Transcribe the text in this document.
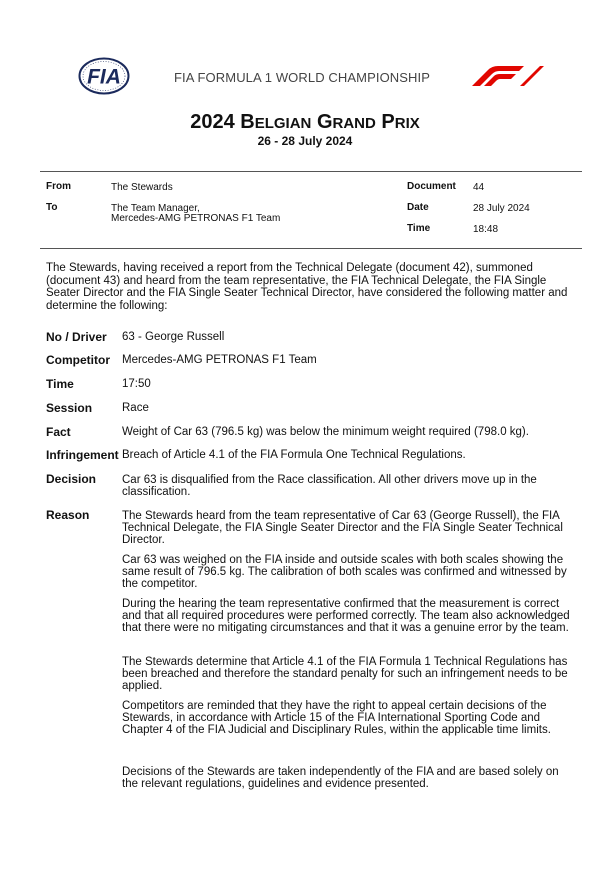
FIA	FIA FORMULA 1 WORLD CHAMPIONSHIP
2024 BELGIAN GRAND PRIX
26 - 28 July 2024
From	The Stewards
To	The Team Manager,
Mercedes-AMG PETRONAS F1 Team
Document 44
Date	28 July 2024
Time	18:48
The Stewards, having received a report from the Technical Delegate (document 42), summoned (document 43) and heard from the team representative, the FIA Technical Delegate, the FIA Single Seater Director and the FIA Single Seater Technical Director, have considered the following matter and determine the following:
No / Driver 63 - George Russell
Competitor Mercedes-AMG PETRONAS F1 Team
Time	17:50
Session	Race
Fact	Weight of Car 63 (796.5 kg) was below the minimum weight required (798.0 kg).
Infringement Breach of Article 4.1 of the FIA Formula One Technical Regulations.
Decision Car 63 is disqualified from the Race classification. All other drivers move up in the classification.
Reason	The Stewards heard from the team representative of Car 63 (George Russell), the FIA Technical Delegate, the FIA Single Seater Director and the FIA Single Seater Technical Director.
Car 63 was weighed on the FIA inside and outside scales with both scales showing the same result of 796.5 kg. The calibration of both scales was confirmed and witnessed by the competitor.
During the hearing the team representative confirmed that the measurement is correct and that all required procedures were performed correctly. The team also acknowledged that there were no mitigating circumstances and that it was a genuine error by the team.
The Stewards determine that Article 4.1 of the FIA Formula 1 Technical Regulations has been breached and therefore the standard penalty for such an infringement needs to be applied.
Competitors are reminded that they have the right to appeal certain decisions of the Stewards, in accordance with Article 15 of the FIA International Sporting Code and Chapter 4 of the FIA Judicial and Disciplinary Rules, within the applicable time limits.
Decisions of the Stewards are taken independently of the FIA and are based solely on the relevant regulations, guidelines and evidence presented.
